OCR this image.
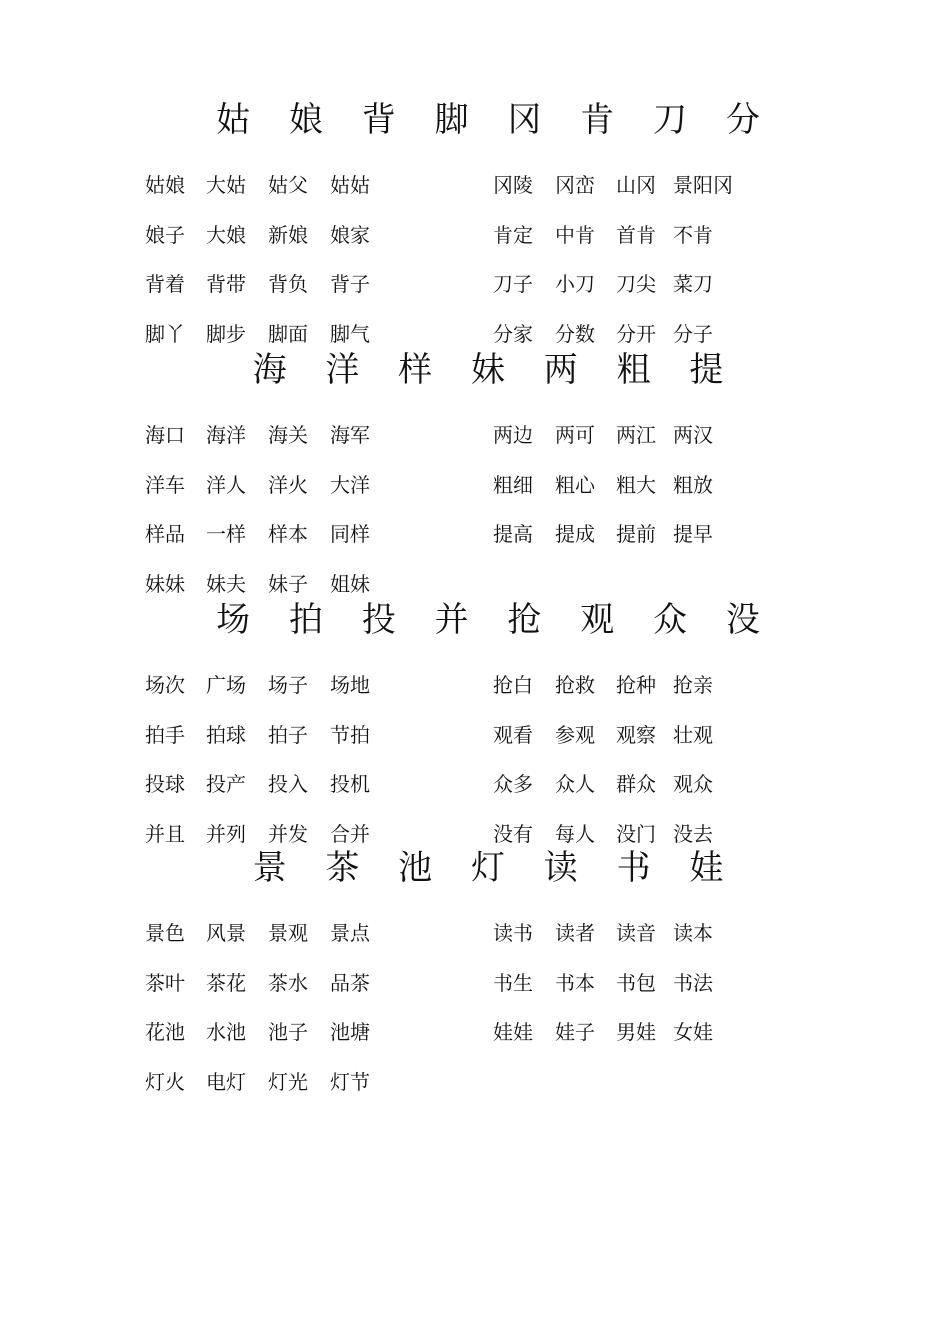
姑 娘 背 脚 冈 肯 刀 分
姑娘 大姑 姑父 姑姑
娘子 大娘 新娘 娘家
背着 背带 背负 背子
脚丫 脚步 脚面 脚气
冈陵 冈峦 山冈 景阳冈
肯定 中肯 首肯 不肯
刀子 小刀 刀尖 菜刀
分家 分数 分开 分子
海 洋 样 妹 两 粗 提
海口 海洋 海关 海军
洋车 洋人 洋火 大洋
样品 一样 样本 同样
妹妹 妹夫 妹子 姐妹
两边 两可 两江 两汉
粗细 粗心 粗大 粗放
提高 提成 提前 提早
场 拍 投 并 抢 观 众 没
场次 广场 场子 场地
拍手 拍球 拍子 节拍
投球 投产 投入 投机
并且 并列 并发 合并
抢白 抢救 抢种 抢亲
观看 参观 观察 壮观
众多 众人 群众 观众
没有 每人 没门 没去
景 茶 池 灯 读 书 娃
景色 风景 景观 景点
茶叶 茶花 茶水 品茶
花池 水池 池子 池塘
灯火 电灯 灯光 灯节
读书 读者 读音 读本
书生 书本 书包 书法
娃娃 娃子 男娃 女娃
